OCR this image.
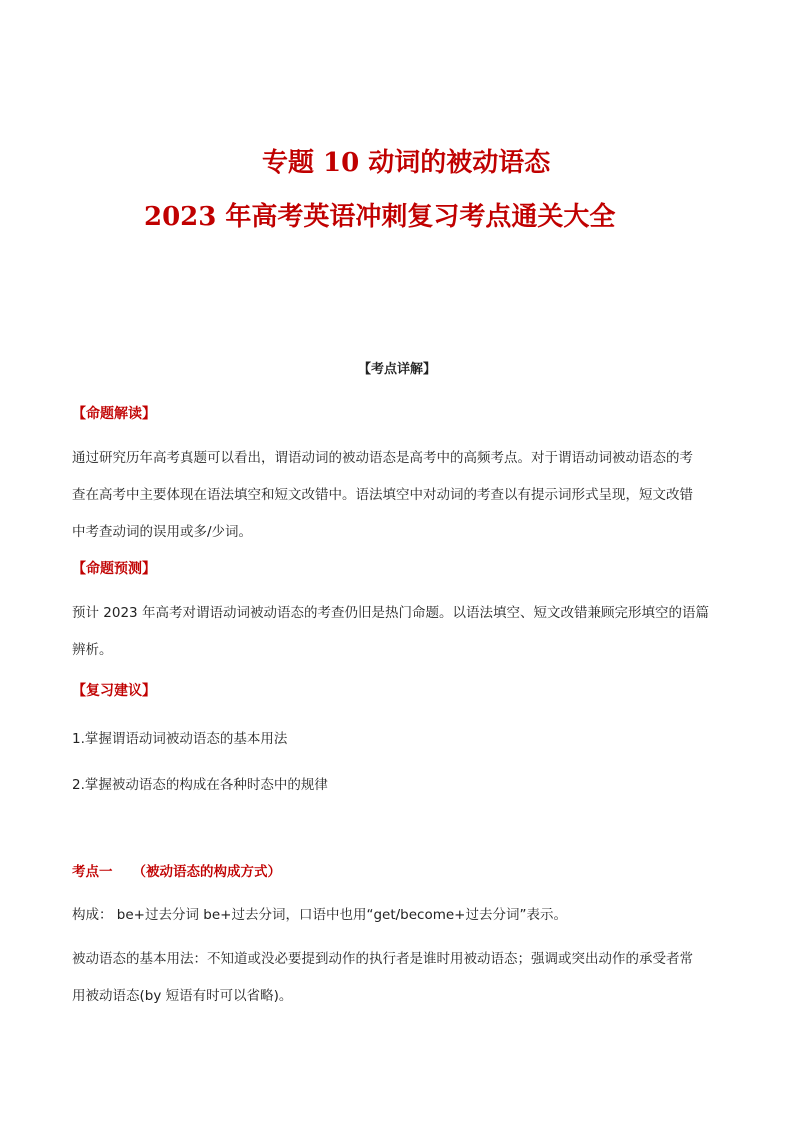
专题 10 动词的被动语态
2023 年高考英语冲刺复习考点通关大全
【考点详解】
【命题解读】
通过研究历年高考真题可以看出，谓语动词的被动语态是高考中的高频考点。对于谓语动词被动语态的考
查在高考中主要体现在语法填空和短文改错中。语法填空中对动词的考查以有提示词形式呈现，短文改错
中考查动词的误用或多/少词。
【命题预测】
预计 2023 年高考对谓语动词被动语态的考查仍旧是热门命题。以语法填空、短文改错兼顾完形填空的语篇
辨析。
【复习建议】
1.掌握谓语动词被动语态的基本用法
2.掌握被动语态的构成在各种时态中的规律
考点一 （被动语态的构成方式）
构成： be+过去分词 be+过去分词，口语中也用“get/become+过去分词”表示。
被动语态的基本用法：不知道或没必要提到动作的执行者是谁时用被动语态；强调或突出动作的承受者常
用被动语态(by 短语有时可以省略)。
